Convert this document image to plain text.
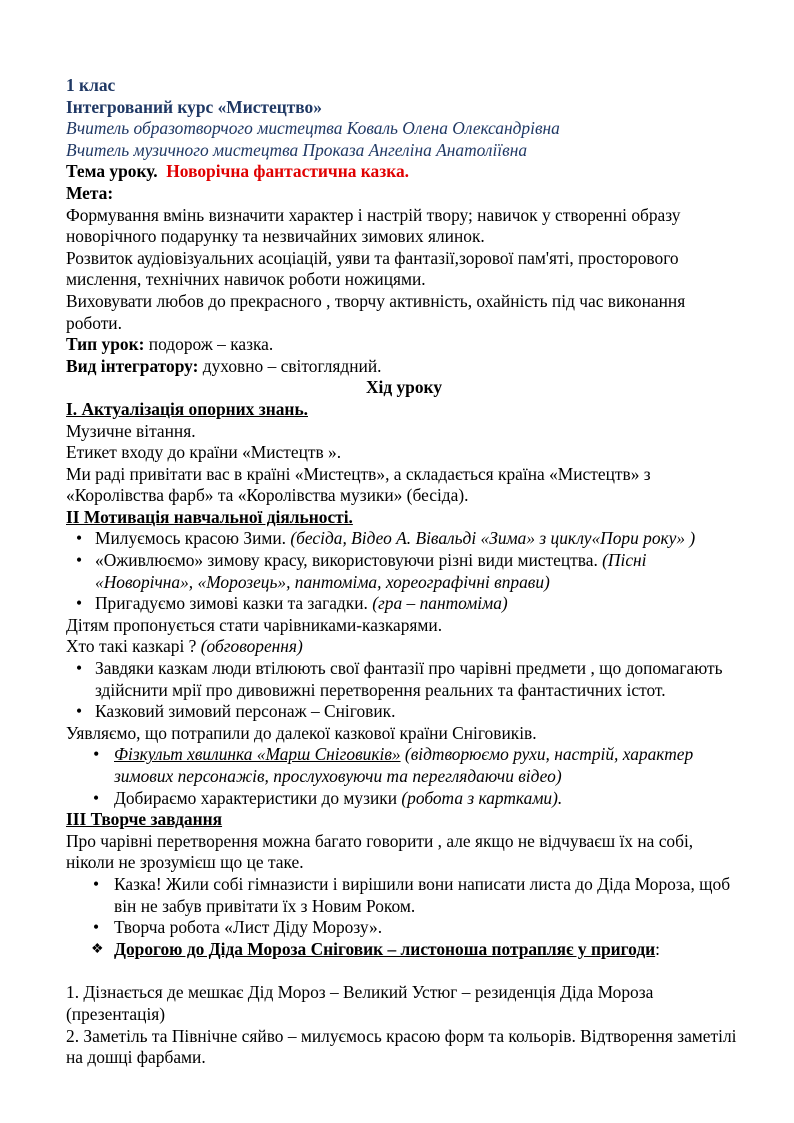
1 клас

Інтегрований курс «Мистецтво»

Вчитель образотворчого мистецтва Коваль Олена Олександрівна

Вчитель музичного мистецтва Проказа Ангеліна Анатоліївна

Тема уроку. Новорічна фантастична казка.

Мета:

Формування вмінь визначити характер і настрій твору; навичок у створенні образу новорічного подарунку та незвичайних зимових ялинок.

Розвиток аудіовізуальних асоціацій, уяви та фантазії,зорової пам'яті, просторового мислення, технічних навичок роботи ножицями.

Виховувати любов до прекрасного , творчу активність, охайність під час виконання роботи.

Тип урок: подорож – казка.

Вид інтегратору: духовно – світоглядний.

Хід уроку

І. Актуалізація опорних знань.

Музичне вітання.

Етикет входу до країни «Мистецтв ».

Ми раді привітати вас в країні «Мистецтв», а складається країна «Мистецтв» з «Королівства фарб» та «Королівства музики» (бесіда).

ІІ Мотивація навчальної діяльності.

• Милуємось красою Зими. (бесіда, Відео А. Вівальді «Зима» з циклу«Пори року» )
• «Оживлюємо» зимову красу, використовуючи різні види мистецтва. (Пісні «Новорічна», «Морозець», пантоміма, хореографічні вправи)
• Пригадуємо зимові казки та загадки. (гра – пантоміма)

Дітям пропонується стати чарівниками-казкарями.

Хто такі казкарі ? (обговорення)

• Завдяки казкам люди втілюють свої фантазії про чарівні предмети , що допомагають здійснити мрії про дивовижні перетворення реальних та фантастичних істот.
• Казковий зимовий персонаж – Сніговик.

Уявляємо, що потрапили до далекої казкової країни Сніговиків.

• Фізкульт хвилинка «Марш Сніговиків» (відтворюємо рухи, настрій, характер зимових персонажів, прослуховуючи та переглядаючи відео)
• Добираємо характеристики до музики (робота з картками).

ІІІ Творче завдання

Про чарівні перетворення можна багато говорити , але якщо не відчуваєш їх на собі, ніколи не зрозумієш що це таке.

• Казка! Жили собі гімназисти і вирішили вони написати листа до Діда Мороза, щоб він не забув привітати їх з Новим Роком.
• Творча робота «Лист Діду Морозу».

❖ Дорогою до Діда Мороза Сніговик – листоноша потрапляє у пригоди:

1. Дізнається де мешкає Дід Мороз – Великий Устюг – резиденція Діда Мороза (презентація)

2. Заметіль та Північне сяйво – милуємось красою форм та кольорів. Відтворення заметілі на дошці фарбами.
